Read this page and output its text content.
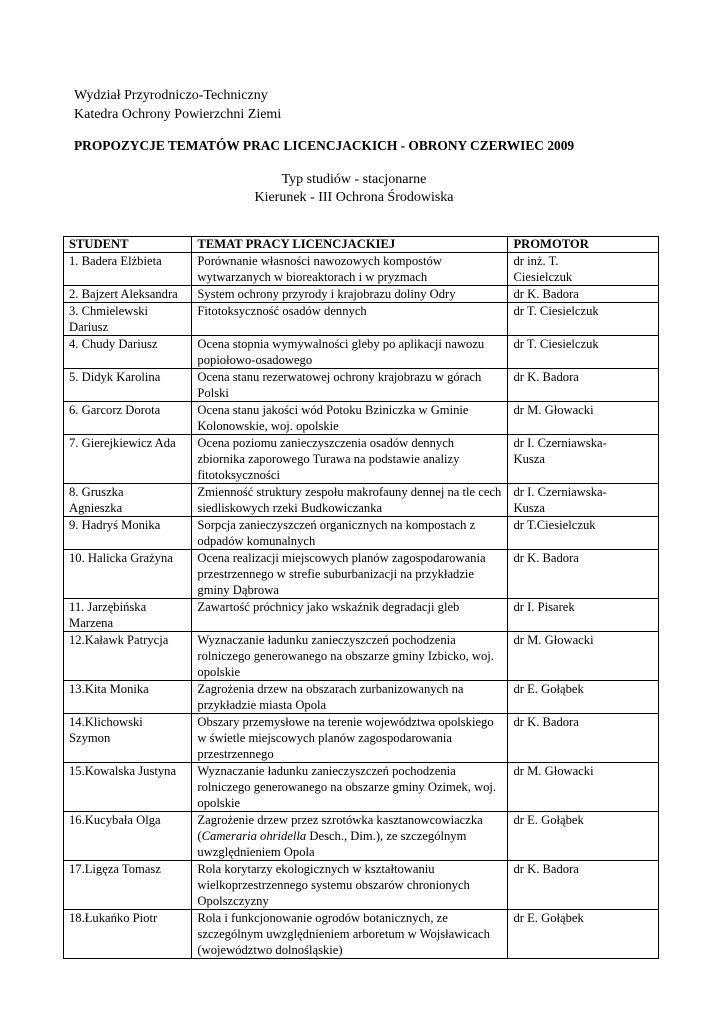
Wydział Przyrodniczo-Techniczny
Katedra Ochrony Powierzchni Ziemi
PROPOZYCJE TEMATÓW PRAC LICENCJACKICH - OBRONY CZERWIEC 2009
Typ studiów - stacjonarne
Kierunek - III Ochrona Środowiska
STUDENT	TEMAT PRACY LICENCJACKIEJ	PROMOTOR

1. Badera Elżbieta	Porównanie własności nawozowych kompostów wytwarzanych w bioreaktorach i w pryzmach	dr inż. T.
Ciesielczuk

2. Bajzert Aleksandra	System ochrony przyrody i krajobrazu doliny Odry	dr K. Badora

3. Chmielewski
Dariusz	Fitotoksyczność osadów dennych	dr T. Ciesielczuk

4. Chudy Dariusz	Ocena stopnia wymywalności gleby po aplikacji nawozu popiołowo-osadowego	dr T. Ciesielczuk

5. Didyk Karolina	Ocena stanu rezerwatowej ochrony krajobrazu w górach Polski	dr K. Badora

6. Garcorz Dorota	Ocena stanu jakości wód Potoku Bziniczka w Gminie Kolonowskie, woj. opolskie	dr M. Głowacki

7. Gierejkiewicz Ada	Ocena poziomu zanieczyszczenia osadów dennych zbiornika zaporowego Turawa na podstawie analizy fitotoksyczności	dr I. Czerniawska-
Kusza

8. Gruszka
Agnieszka	Zmienność struktury zespołu makrofauny dennej na tle cech siedliskowych rzeki Budkowiczanka	dr I. Czerniawska-
Kusza

9. Hadryś Monika	Sorpcja zanieczyszczeń organicznych na kompostach z odpadów komunalnych	dr T.Ciesielczuk

10. Halicka Grażyna	Ocena realizacji miejscowych planów zagospodarowania przestrzennego w strefie suburbanizacji na przykładzie gminy Dąbrowa	dr K. Badora

11. Jarzębińska
Marzena	Zawartość próchnicy jako wskaźnik degradacji gleb	dr I. Pisarek

12.Kaławk Patrycja	Wyznaczanie ładunku zanieczyszczeń pochodzenia rolniczego generowanego na obszarze gminy Izbicko, woj. opolskie	dr M. Głowacki

13.Kita Monika	Zagrożenia drzew na obszarach zurbanizowanych na przykładzie miasta Opola	dr E. Gołąbek

14.Klichowski
Szymon	Obszary przemysłowe na terenie województwa opolskiego w świetle miejscowych planów zagospodarowania przestrzennego	dr K. Badora

15.Kowalska Justyna	Wyznaczanie ładunku zanieczyszczeń pochodzenia rolniczego generowanego na obszarze gminy Ozimek, woj. opolskie	dr M. Głowacki

16.Kucybała Olga	Zagrożenie drzew przez szrotówka kasztanowcowiaczka (Cameraria ohridella Desch., Dim.), ze szczególnym uwzględnieniem Opola	dr E. Gołąbek

17.Ligęza Tomasz	Rola korytarzy ekologicznych w kształtowaniu wielkoprzestrzennego systemu obszarów chronionych Opolszczyzny	dr K. Badora

18.Łukańko Piotr	Rola i funkcjonowanie ogrodów botanicznych, ze szczególnym uwzględnieniem arboretum w Wojsławicach (województwo dolnośląskie)	dr E. Gołąbek
